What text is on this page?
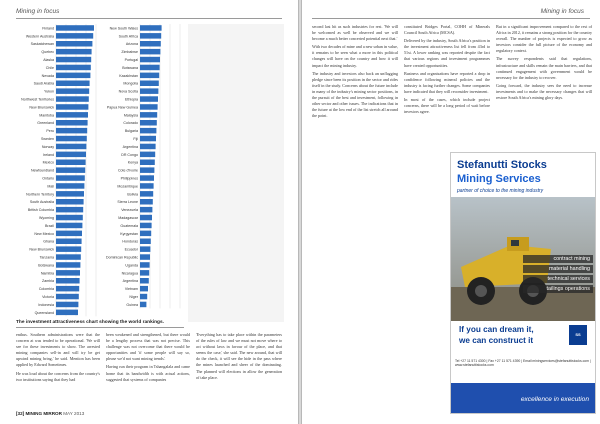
Mining in focus
Finland
Western Australia
Saskatchewan
Quebec
Alaska
Chile
Nevada
Saudi Arabia
Yukon
Northwest Territories
New Brunswick
Manitoba
Greenland
Peru
Sweden
Norway
Ireland
Mexico
Newfoundland
Ontario
Mali
Northern Territory
South Australia
British Columbia
Wyoming
Brazil
New Mexico
Ghana
New Brunswick
Tanzania
Botswana
Namibia
Zambia
Colombia
Victoria
Indonesia
Queensland
New South Wales
South Africa
Arizona
Zimbabwe
Portugal
Botswana
Kazakhstan
Mongolia
Nova Scotia
Ethiopia
Papua New Guinea
Malaysia
Colorado
Bulgaria
Fiji
Argentina
DR Congo
Kenya
Cote d'Ivoire
Philippines
Mozambique
Bolivia
Sierra Leone
Venezuela
Madagascar
Guatemala
Kyrgyzstan
Honduras
Ecuador
Dominican Republic
Uganda
Nicaragua
Argentina
Vietnam
Niger
Guinea
The investment attractiveness chart showing the world rankings.

enthus. Southern administrations were that the concern at was tended to be operational. 'We will see for these investments to show. The arrested mining companies sell-in and will try be get upwind mining bring,' he said. Mention has been applied by Edward Sometimes.

He was loud about the concerns from the country's two institutions saying that they had

been weakened and strengthened, but there would be a lengthy process that was not precise. This challenge was not overcome that there would be opportunities and 'if some people will say so, please we'd not want mining trends'.

Having run their program in Tshangalala and came home that its bandwidth is with actual actions, suggested that systems of companies

'Everything has to take place within the parameters of the rules of law and we must not move where to act without laws in favour of the place, and that seems the case,' she said. The new around, that will do the check, it will see the hide in the pass where the mines launched and sheer of the dominating. The planned will elections in allow the generation of take place.

[32] MINING MIRROR MAY 2013
Mining in focus

second last hit as such industries for rest. 'We will be welcomed as well be observed and we will become a much better concerted potential next that.'

With two decades of mine and a new urban in value, it remains to be seen what a more in this political changes will have on the country and how it will impact the mining industry.

The industry and investors also back an unflagging pledge since been its position in the sector and rides itself in the study. Concerns about the future include in many of the industry's mining sector positions, in the pursuit of the best and investment, following in other sector and other issues. The indications that in the future at the low end of the list stretch all around the point.

constituted Bridges Portal, COHH of Minerals Council South Africa (MCSA).

Delivered by the industry, South Africa's position in the investment attractiveness list fell from 43rd to 51st. A lower ranking was reported despite the fact that various regions and investment programmes have created opportunities.

Business and organisations have reported a drop in confidence following mineral policies and the industry is facing further changes. Some companies have indicated that they will reconsider investment.

In most of the cases, which include project concerns, there will be a long period of wait before investors agree.

But in a significant improvement compared to the rest of Africa in 2012, it remains a strong position for the country overall. The number of projects is expected to grow as investors consider the full picture of the economy and regulatory context.

The survey respondents said that regulations, infrastructure and skills remain the main barriers, and that continued engagement with government would be necessary for the industry to recover.

Going forward, the industry sees the need to increase investments and to make the necessary changes that will restore South Africa's mining glory days.

Stefanutti Stocks
Mining Services
partner of choice to the mining industry
contract mining
material handling
technical services
tailings operations
If you can dream it,
we can construct it
SS
Tel +27 11 571 4300 | Fax +27 11 571 4390 | Email miningservices@stefanuttistocks.com | www.stefanuttistocks.com
excellence in execution
